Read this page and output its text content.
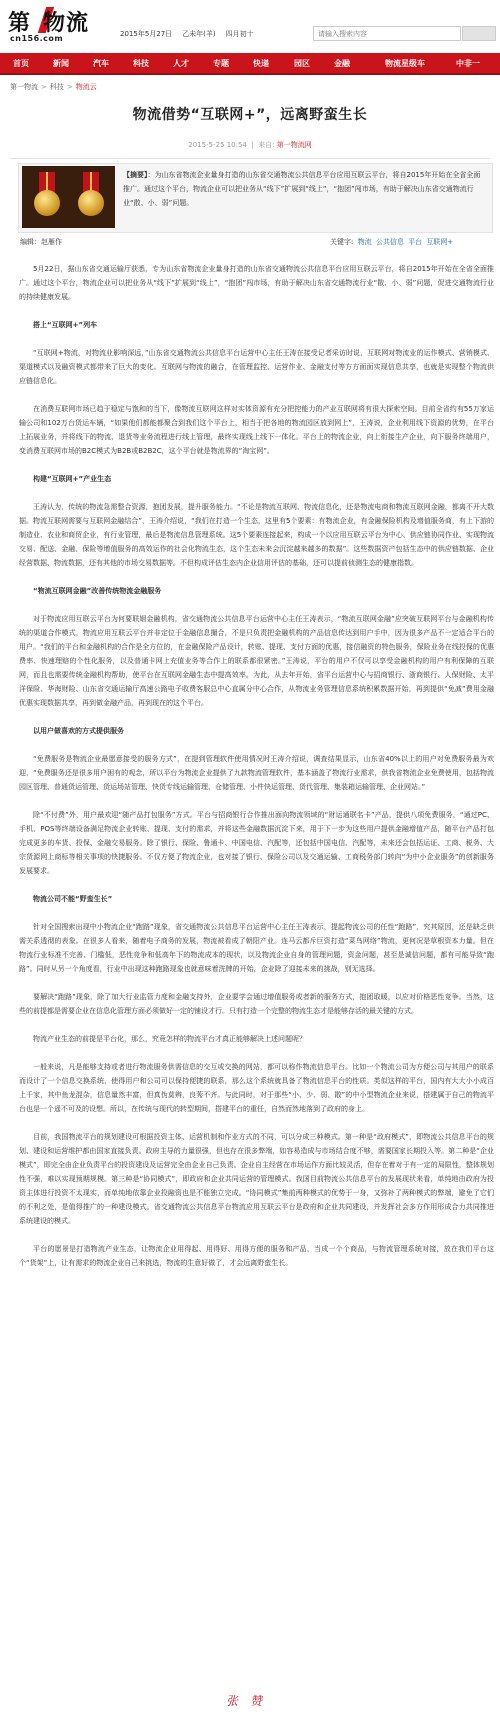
第 物流
cn156.com	2015年5月27日 乙未年(羊) 四月初十
请输入搜索内容
首页	新闻	汽车	科技	人才	专题	快递	园区	金融	物流星级车	中非一
第一物流 > 科技 > 物流云
物流借势“互联网+”，远离野蛮生长
2015-5-25 10:54  |  来自: 第一物流网
【摘要】：为山东省物流企业量身打造的山东省交通物流公共信息平台应用互联云平台，将自2015年开始在全省全面推广。通过这个平台，物流企业可以把业务从“线下”扩展到“线上”，“抱团”闯市场，有助于解决山东省交通物流行业“散、小、弱”问题。
编辑：赵雁作	关键字: 物流 公共信息 平台 互联网+

5月22日，据山东省交通运输厅获悉，专为山东省物流企业量身打造的山东省交通物流公共信息平台应用互联云平台，将自2015年开始在全省全面推广。通过这个平台，物流企业可以把业务从“线下”扩展到“线上”，“抱团”闯市场，有助于解决山东省交通物流行业“散、小、弱”问题，促进交通物流行业的持续健康发展。

搭上“互联网+”列车

“互联网+物流，对物流业影响深远，”山东省交通物流公共信息平台运营中心主任王涛在接受记者采访时说，互联网对物流业的运作模式、营销模式、渠道模式以及融资模式都带来了巨大的变化。互联网与物流的融合，在管理监控、运营作业、金融支付等方方面面实现信息共享，也就是实现整个物流供应链信息化。

在消费互联网市场已趋于稳定与饱和的当下，像物流互联网这样对实体资源有充分把控能力的产业互联网将有很大探索空间。目前全省约有55万家运输公司和102万台货运车辆，“如果他们都能都聚合到我们这个平台上，相当于把各地的物流园区放到网上”，王涛说，企业利用线下资源的优势，在平台上拓展业务，并将线下的物流、退货等业务流程进行线上管理，最终实现线上线下一体化。平台上的物流企业，向上衔接生产企业，向下服务终端用户，变消费互联网市场的B2C模式为B2B或B2B2C，这个平台就是物流界的“淘宝网”。

构建“互联网+”产业生态

王涛认为，传统的物流急需整合资源，抱团发展，提升服务能力。“不论是物流互联网、物流信息化，还是物流电商和物流互联网金融，都离不开大数据。物流互联网需要与互联网金融结合”，王涛介绍说，“我们在打造一个生态，这里有5个要素：有物流企业，有金融保险机构及增值服务商，有上下游的制造业、农业和商贸企业，有行业管理，最后是物流信息管理系统。这5个要素连接起来，构成一个以应用互联云平台为中心、供应链协同作业、实现物流交易、配送、金融、保险等增值服务的高效运作的社会化物流生态，这个生态未来会沉淀越来越多的数据”。这些数据资产包括生态中的供应链数据、企业经营数据、物流数据，还有其他的市场交易数据等。不但构成评估生态内企业信用评估的基础，还可以提前侦测生态的健康指数。

“物流互联网金融”改善传统物流金融服务

对于物流应用互联云平台为何要联姻金融机构，省交通物流公共信息平台运营中心主任王涛表示，“物流互联网金融”应突破互联网平台与金融机构传统的渠道合作模式，物流应用互联云平台并非定位于金融信息撮合，不是只负责把金融机构的产品信息传达到用户手中，因为很多产品不一定适合平台的用户。“我们的平台和金融机构的合作是全方位的，在金融保险产品设计，转账、提现、支付方面的优惠，接信融资的特色服务，保险业务在线投保的优惠费率、快速理赔的个性化服务，以及普通卡网上充值业务等合作上的联系都很紧密。”王涛说，平台的用户不仅可以享受金融机构的用户有利保障的互联网，而且也需要传统金融机构帮助，使平台在互联网金融生态中提高效率。为此，从去年开始，省平台运营中心与招商银行、浙商银行、人保财险、太平洋保险、华海财险、山东省交通运输厅高速公路电子收费客服总中心直属分中心合作，从物流业务管理信息系统积累数据开始，再到提供“免减”费用金融优惠实现数据共享，再到做金融产品，再到现在的这个平台。

以用户做喜欢的方式提供服务

“免费服务是物流企业最愿意接受的服务方式”，在提到管理软件使用情况时王涛介绍说，调查结果显示，山东省40%以上的用户对免费服务最为欢迎，“免费服务还是很多用户困有的观念，所以平台为物流企业提供了九款物流管理软件，基本涵盖了物流行业需求，供我省物流企业免费使用，包括物流园区管理、普通货运管理、货运场站管理、快货专线运输管理、仓储管理、小件快运管理、货代管理、集装箱运输管理、企业网站。”

除“不付费”外，用户最欢迎“随产品打包服务”方式。平台与招商银行合作推出面向物流领域的“财运通联名卡”产品，提供八项免费服务，“通过PC、手机、POS等终端设备满足物流企业转账、提现、支付的需求，并将这些金融数据沉淀下来，用于下一步为这些用户提供金融增值产品，随平台产品打包完成更多的车货、投保、金融交易服务。除了银行、保险、鲁通卡、中国电信、汽配等，还包括中国电信、汽配等，未来还会包括运证、工商、税务、大宗货源网上商标等相关事项的快捷服务。不仅方便了物流企业，也对接了银行、保险公司以及交通运输、工商税务部门转向“为中小企业服务”的创新服务发展要求。

物流公司不能“野蛮生长”

针对全国搜索出现中小物流企业“跑路”现象，省交通物流公共信息平台运营中心主任王涛表示，提起物流公司的任性“跑路”，究其原因，还是缺乏供需关系透彻的表象。在很多人看来，随着电子商务的发展，物流被看成了朝阳产业。连马云都斥巨资打造“菜鸟网络”物流，更何况是草根资本力量。但在物流行业标准不完善、门槛低，恶性竞争和低高年下的物流成本的现状，以及物流企业自身的管理问题，资金问题，甚至是诚信问题，都有可能导致“跑路”。同时从另一个角度看，行业中出现这种跑路现象也就意味着洗牌的开始，企业除了迎接未来的挑战，别无选择。

要解决“跑路”现象，除了加大行业监管力度和金融支持外，企业要学会通过增值服务或者新的服务方式，抱团取暖，以应对价格恶性竞争。当然，这些的前提都是需要企业在信息化管理方面必须做好一定的铺设才行。只有打造一个完整的物流生态才是能够存活的最关键的方式。

物流产业生态的前提是平台化，那么，究竟怎样的物流平台才真正能够解决上述问题呢？

一般来说，凡是能够支持或者进行物流服务供需信息的交互或交换的网站，都可以称作物流信息平台。比如一个物流公司为方便公司与其用户的联系而设计了一个信息交换系统，使得用户和公司可以保持便捷的联系，那么这个系统就具备了物流信息平台的性质。类似这样的平台，国内有大大小小成百上千家，其中鱼龙混杂，信息量然丰富，但真伪莫辨，良莠不齐。与此同时，对于那些“小、少、弱、散”的中小型物流企业来说，搭建属于自己的物流平台也是一个遥不可及的设想。所以，在传统与现代的转型期间，搭建平台的重任，自然而然地落到了政府的身上。

目前，我国物流平台的规划建设可根据投资主体、运营机制和作业方式的不同，可以分成三种模式。第一种是“政府模式”，即物流公共信息平台的规划、建设和运营维护都由国家直接负责。政府主导的力量很强，但也存在很多弊端，如容易造成与市场结合度不够，需要国家长期投入等。第二种是“企业模式”，即完全由企业负责平台的投资建设及运营完全由企业自己负责。企业自主经营在市场运作方面比较灵活，但存在着对于有一定的局限性，整体规划性不强，难以实现预期规模。第三种是“协同模式”，即政府和企业共同运营的管理模式。我国目前物流公共信息平台的发展现状来看，单纯地由政府为投资主体进行投资不太现实，而单纯地依靠企业投融资也是不能独立完成。“协同模式”集前两种模式的优势于一身，又弥补了两种模式的弊端，避免了它们的不利之处，是值得推广的一种建设模式。省交通物流公共信息平台物流应用互联云平台是政府和企业共同建设，并发挥社会多方作用形成合力共同推进系统建设的模式。

平台的愿景是打造物流产业生态，让物流企业用得起、用得好、用得方便的服务和产品，当成一个个商品，与物流管理系统对接，放在我们平台这个“货架”上，让有需求的物流企业自己来挑选，物流的生意好做了，才会远离野蛮生长。

张赞
